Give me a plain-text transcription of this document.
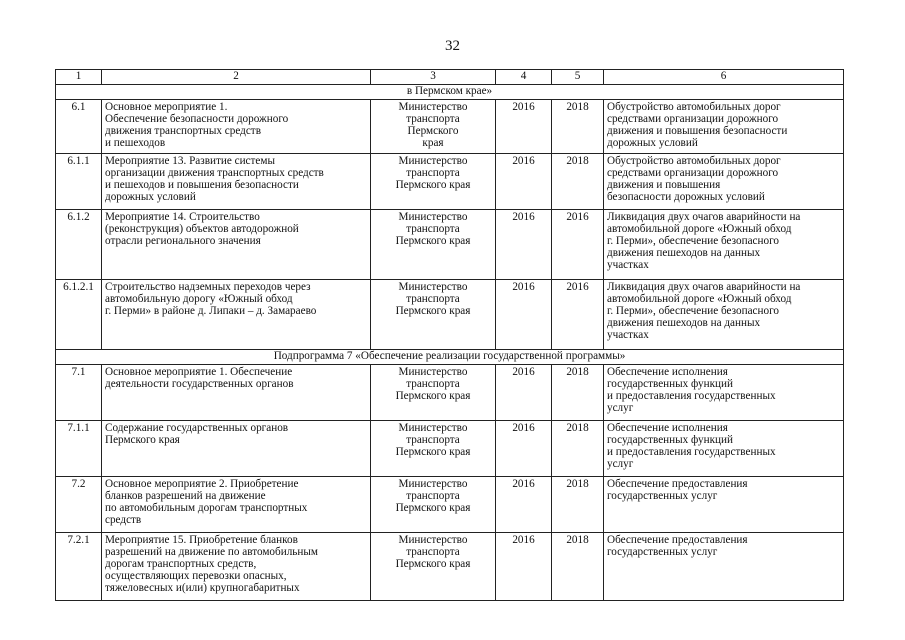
32
1	2	3	4	5	6
в Пермском крае»					
6.1	Основное мероприятие 1.
Обеспечение безопасности дорожного
движения транспортных средств
и пешеходов	Министерство
транспорта
Пермского
края	2016	2018	Обустройство автомобильных дорог
средствами организации дорожного
движения и повышения безопасности
дорожных условий
6.1.1	Мероприятие 13. Развитие системы
организации движения транспортных средств
и пешеходов и повышения безопасности
дорожных условий	Министерство
транспорта
Пермского края	2016	2018	Обустройство автомобильных дорог
средствами организации дорожного
движения и повышения
безопасности дорожных условий
6.1.2	Мероприятие 14. Строительство
(реконструкция) объектов автодорожной
отрасли регионального значения	Министерство
транспорта
Пермского края	2016	2016	Ликвидация двух очагов аварийности на
автомобильной дороге «Южный обход
г. Перми», обеспечение безопасного
движения пешеходов на данных
участках
6.1.2.1	Строительство надземных переходов через
автомобильную дорогу «Южный обход
г. Перми» в районе д. Липаки – д. Замараево	Министерство
транспорта
Пермского края	2016	2016	Ликвидация двух очагов аварийности на
автомобильной дороге «Южный обход
г. Перми», обеспечение безопасного
движения пешеходов на данных
участках
Подпрограмма 7 «Обеспечение реализации государственной программы»					
7.1	Основное мероприятие 1. Обеспечение
деятельности государственных органов	Министерство
транспорта
Пермского края	2016	2018	Обеспечение исполнения
государственных функций
и предоставления государственных
услуг
7.1.1	Содержание государственных органов
Пермского края	Министерство
транспорта
Пермского края	2016	2018	Обеспечение исполнения
государственных функций
и предоставления государственных
услуг
7.2	Основное мероприятие 2. Приобретение
бланков разрешений на движение
по автомобильным дорогам транспортных
средств	Министерство
транспорта
Пермского края	2016	2018	Обеспечение предоставления
государственных услуг
7.2.1	Мероприятие 15. Приобретение бланков
разрешений на движение по автомобильным
дорогам транспортных средств,
осуществляющих перевозки опасных,
тяжеловесных и(или) крупногабаритных	Министерство
транспорта
Пермского края	2016	2018	Обеспечение предоставления
государственных услуг
